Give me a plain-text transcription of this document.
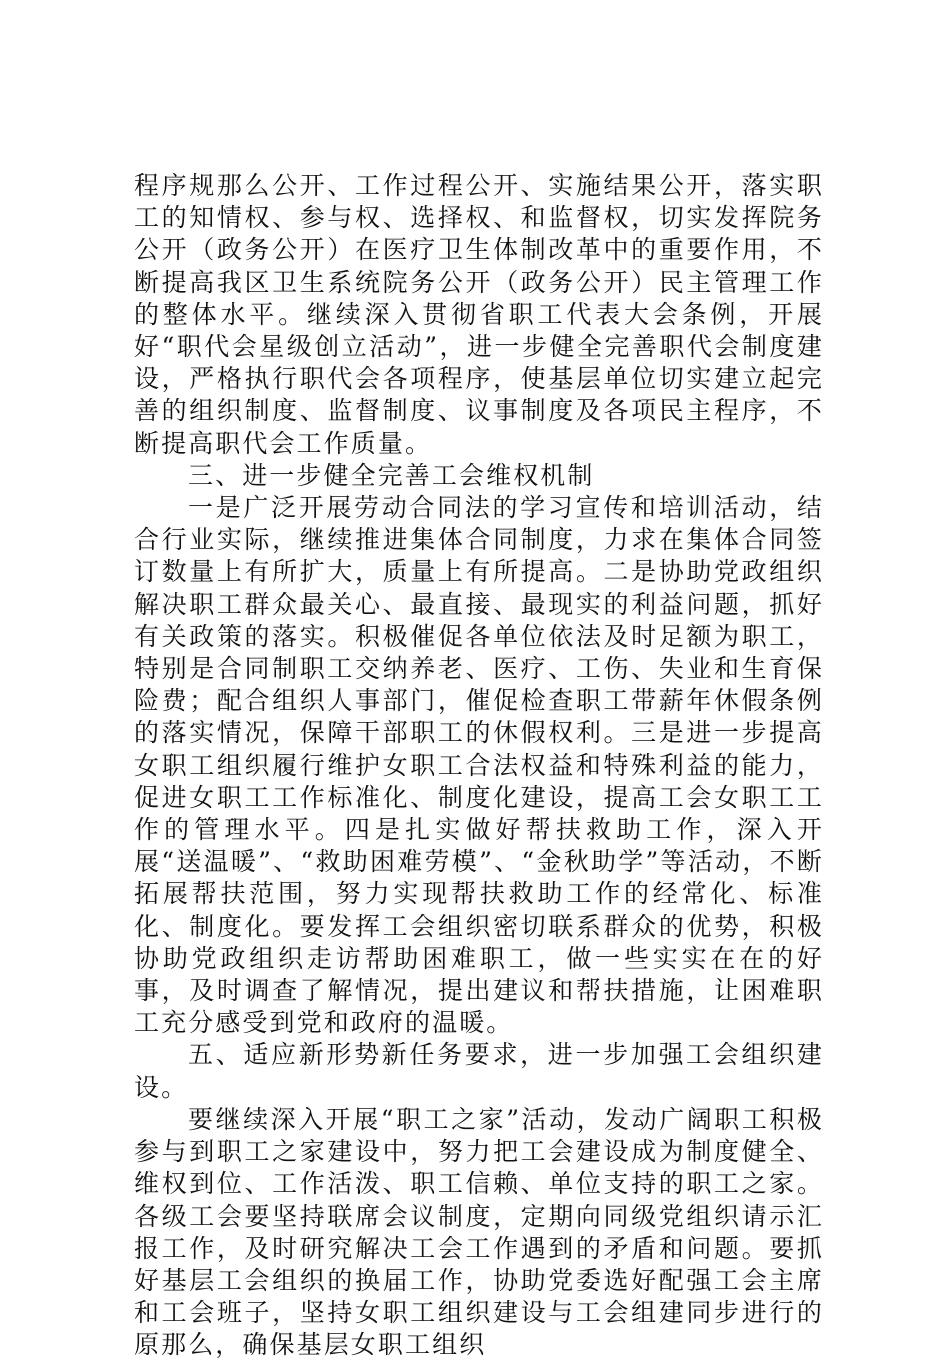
程序规那么公开、工作过程公开、实施结果公开，落实职工的知情权、参与权、选择权、和监督权，切实发挥院务公开（政务公开）在医疗卫生体制改革中的重要作用，不断提高我区卫生系统院务公开（政务公开）民主管理工作的整体水平。继续深入贯彻省职工代表大会条例，开展好“职代会星级创立活动”，进一步健全完善职代会制度建设，严格执行职代会各项程序，使基层单位切实建立起完善的组织制度、监督制度、议事制度及各项民主程序，不断提高职代会工作质量。

三、进一步健全完善工会维权机制

一是广泛开展劳动合同法的学习宣传和培训活动，结合行业实际，继续推进集体合同制度，力求在集体合同签订数量上有所扩大，质量上有所提高。二是协助党政组织解决职工群众最关心、最直接、最现实的利益问题，抓好有关政策的落实。积极催促各单位依法及时足额为职工，特别是合同制职工交纳养老、医疗、工伤、失业和生育保险费；配合组织人事部门，催促检查职工带薪年休假条例的落实情况，保障干部职工的休假权利。三是进一步提高女职工组织履行维护女职工合法权益和特殊利益的能力，促进女职工工作标准化、制度化建设，提高工会女职工工作的管理水平。四是扎实做好帮扶救助工作，深入开展“送温暖”、“救助困难劳模”、“金秋助学”等活动，不断拓展帮扶范围，努力实现帮扶救助工作的经常化、标准化、制度化。要发挥工会组织密切联系群众的优势，积极协助党政组织走访帮助困难职工，做一些实实在在的好事，及时调查了解情况，提出建议和帮扶措施，让困难职工充分感受到党和政府的温暖。

五、适应新形势新任务要求，进一步加强工会组织建设。

要继续深入开展“职工之家”活动，发动广阔职工积极参与到职工之家建设中，努力把工会建设成为制度健全、维权到位、工作活泼、职工信赖、单位支持的职工之家。各级工会要坚持联席会议制度，定期向同级党组织请示汇报工作，及时研究解决工会工作遇到的矛盾和问题。要抓好基层工会组织的换届工作，协助党委选好配强工会主席和工会班子，坚持女职工组织建设与工会组建同步进行的原那么，确保基层女职工组织
